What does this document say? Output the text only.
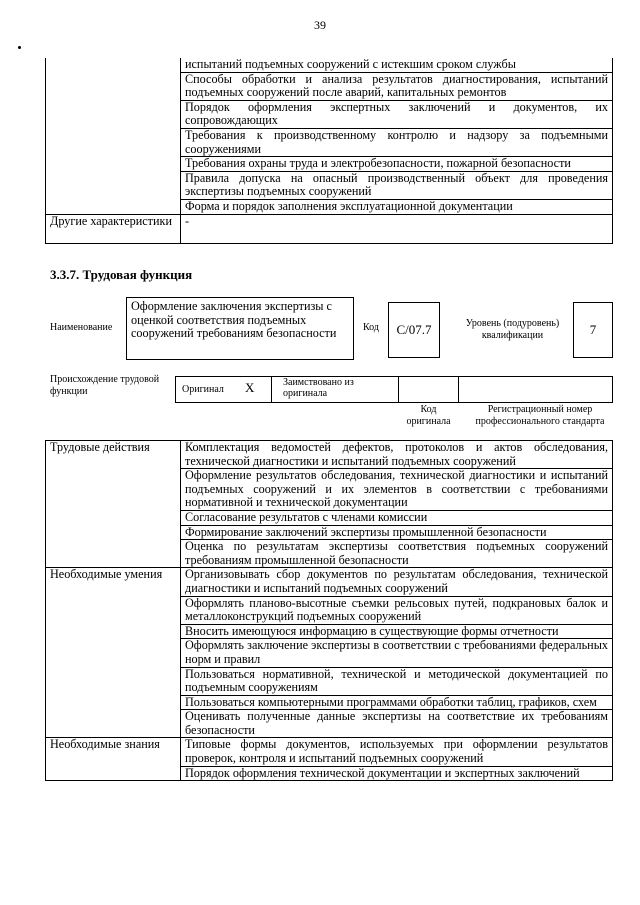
39
	испытаний подъемных сооружений с истекшим сроком службы
	Способы обработки и анализа результатов диагностирования, испытаний подъемных сооружений после аварий, капитальных ремонтов
	Порядок оформления экспертных заключений и документов, их сопровождающих
	Требования к производственному контролю и надзору за подъемными сооружениями
	Требования охраны труда и электробезопасности, пожарной безопасности
	Правила допуска на опасный производственный объект для проведения экспертизы подъемных сооружений
	Форма и порядок заполнения эксплуатационной документации
Другие характеристики	-
3.3.7. Трудовая функция
Наименование
Оформление заключения экспертизы с оценкой соответствия подъемных сооружений требованиям безопасности	Код	С/07.7	Уровень (подуровень) квалификации	7
Происхождение трудовой функции	Оригинал X	Заимствовано из оригинала
Код оригинала
Регистрационный номер профессионального стандарта
Трудовые действия	Комплектация ведомостей дефектов, протоколов и актов обследования, технической диагностики и испытаний подъемных сооружений
	Оформление результатов обследования, технической диагностики и испытаний подъемных сооружений и их элементов в соответствии с требованиями нормативной и технической документации
	Согласование результатов с членами комиссии
	Формирование заключений экспертизы промышленной безопасности
	Оценка по результатам экспертизы соответствия подъемных сооружений требованиям промышленной безопасности
Необходимые умения	Организовывать сбор документов по результатам обследования, технической диагностики и испытаний подъемных сооружений
	Оформлять планово-высотные съемки рельсовых путей, подкрановых балок и металлоконструкций подъемных сооружений
	Вносить имеющуюся информацию в существующие формы отчетности
	Оформлять заключение экспертизы в соответствии с требованиями федеральных норм и правил
	Пользоваться нормативной, технической и методической документацией по подъемным сооружениям
	Пользоваться компьютерными программами обработки таблиц, графиков, схем
	Оценивать полученные данные экспертизы на соответствие их требованиям безопасности
Необходимые знания	Типовые формы документов, используемых при оформлении результатов проверок, контроля и испытаний подъемных сооружений
	Порядок оформления технической документации и экспертных заключений
